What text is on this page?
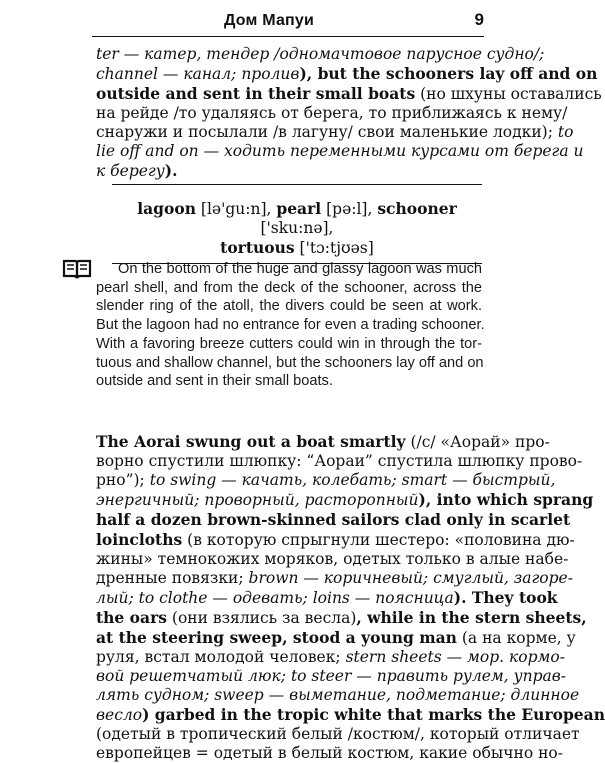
Дом Мапуи	9
ter — катер, тендер /одномачтовое парусное судно/;
channel — канал; пролив), but the schooners lay off and on
outside and sent in their small boats (но шхуны оставались
на рейде /то удаляясь от берега, то приближаясь к нему/
снаружи и посылали /в лагуну/ свои маленькие лодки); to
lie off and on — ходить переменными курсами от берега и
к берегу).
lagoon [lə'gu:n], pearl [pə:l], schooner ['sku:nə],
tortuous ['tɔ:tjʊəs]
On the bottom of the huge and glassy lagoon was much
pearl shell, and from the deck of the schooner, across the
slender ring of the atoll, the divers could be seen at work.
But the lagoon had no entrance for even a trading schooner.
With a favoring breeze cutters could win in through the tor-
tuous and shallow channel, but the schooners lay off and on
outside and sent in their small boats.
The Aorai swung out a boat smartly (/с/ «Аорай» про-
ворно спустили шлюпку: “Аораи” спустила шлюпку прово-
рно”); to swing — качать, колебать; smart — быстрый,
энергичный; проворный, расторопный), into which sprang
half a dozen brown-skinned sailors clad only in scarlet
loincloths (в которую спрыгнули шестеро: «половина дю-
жины» темнокожих моряков, одетых только в алые набе-
дренные повязки; brown — коричневый; смуглый, загоре-
лый; to clothe — одевать; loins — поясница). They took
the oars (они взялись за весла), while in the stern sheets,
at the steering sweep, stood a young man (а на корме, у
руля, встал молодой человек; stern sheets — мор. кормо-
вой решетчатый люк; to steer — править рулем, управ-
лять судном; sweep — выметание, подметание; длинное
весло) garbed in the tropic white that marks the European
(одетый в тропический белый /костюм/, который отличает
европейцев = одетый в белый костюм, какие обычно но-
